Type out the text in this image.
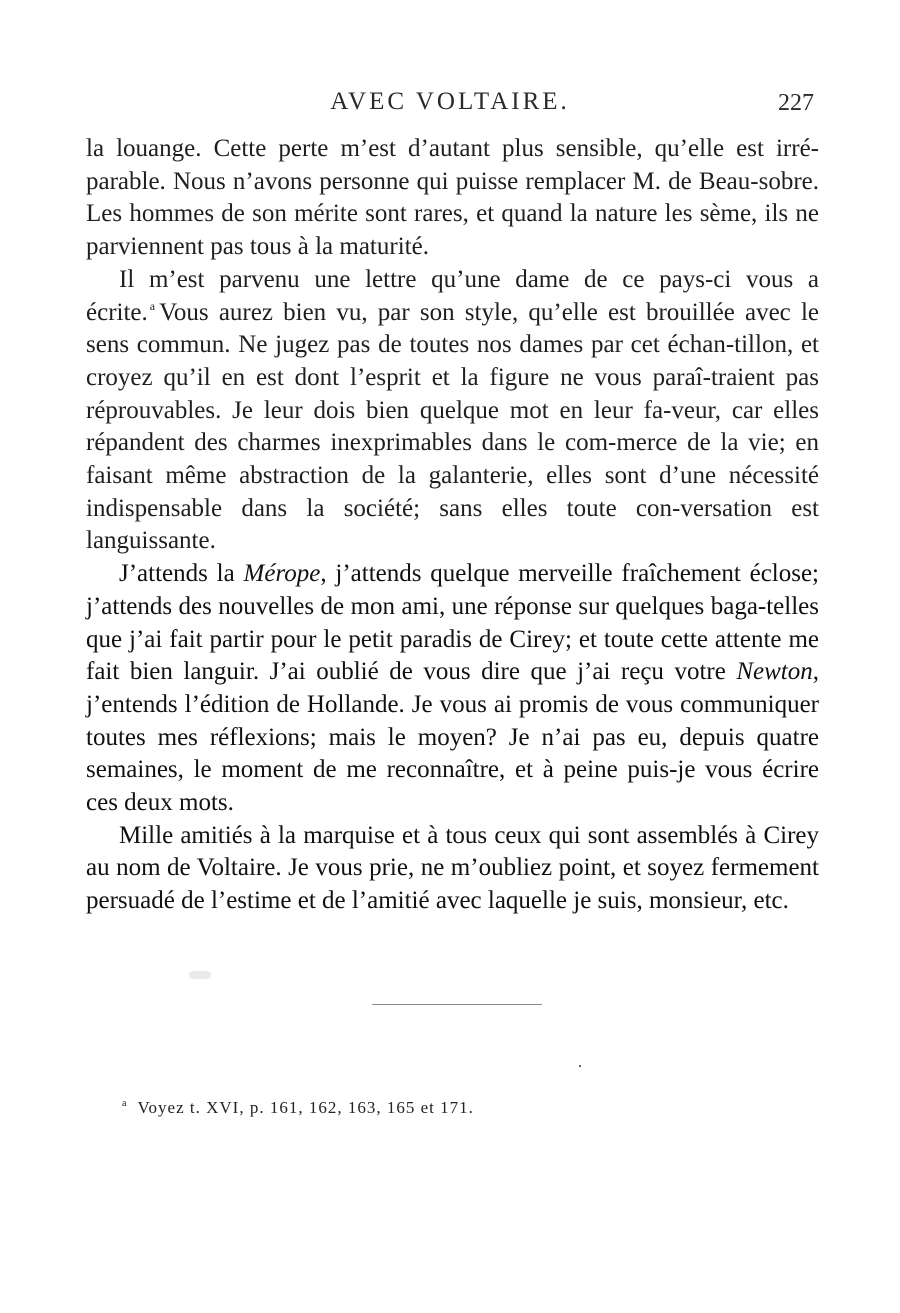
AVEC VOLTAIRE.	227

la louange. Cette perte m’est d’autant plus sensible, qu’elle est irré-parable. Nous n’avons personne qui puisse remplacer M. de Beau-sobre. Les hommes de son mérite sont rares, et quand la nature les sème, ils ne parviennent pas tous à la maturité.

Il m’est parvenu une lettre qu’une dame de ce pays-ci vous a écrite. $^a$ Vous aurez bien vu, par son style, qu’elle est brouillée avec le sens commun. Ne jugez pas de toutes nos dames par cet échan-tillon, et croyez qu’il en est dont l’esprit et la figure ne vous paraî-traient pas réprouvables. Je leur dois bien quelque mot en leur fa-veur, car elles répandent des charmes inexprimables dans le com-merce de la vie; en faisant même abstraction de la galanterie, elles sont d’une nécessité indispensable dans la société; sans elles toute con-versation est languissante.

J’attends la Mérope, j’attends quelque merveille fraîchement éclose; j’attends des nouvelles de mon ami, une réponse sur quelques baga-telles que j’ai fait partir pour le petit paradis de Cirey; et toute cette attente me fait bien languir. J’ai oublié de vous dire que j’ai reçu votre Newton, j’entends l’édition de Hollande. Je vous ai promis de vous communiquer toutes mes réflexions; mais le moyen? Je n’ai pas eu, depuis quatre semaines, le moment de me reconnaître, et à peine puis-je vous écrire ces deux mots.

Mille amitiés à la marquise et à tous ceux qui sont assemblés à Cirey au nom de Voltaire. Je vous prie, ne m’oubliez point, et soyez fermement persuadé de l’estime et de l’amitié avec laquelle je suis, monsieur, etc.

$^a$ Voyez t. XVI, p. 161, 162, 163, 165 et 171.
